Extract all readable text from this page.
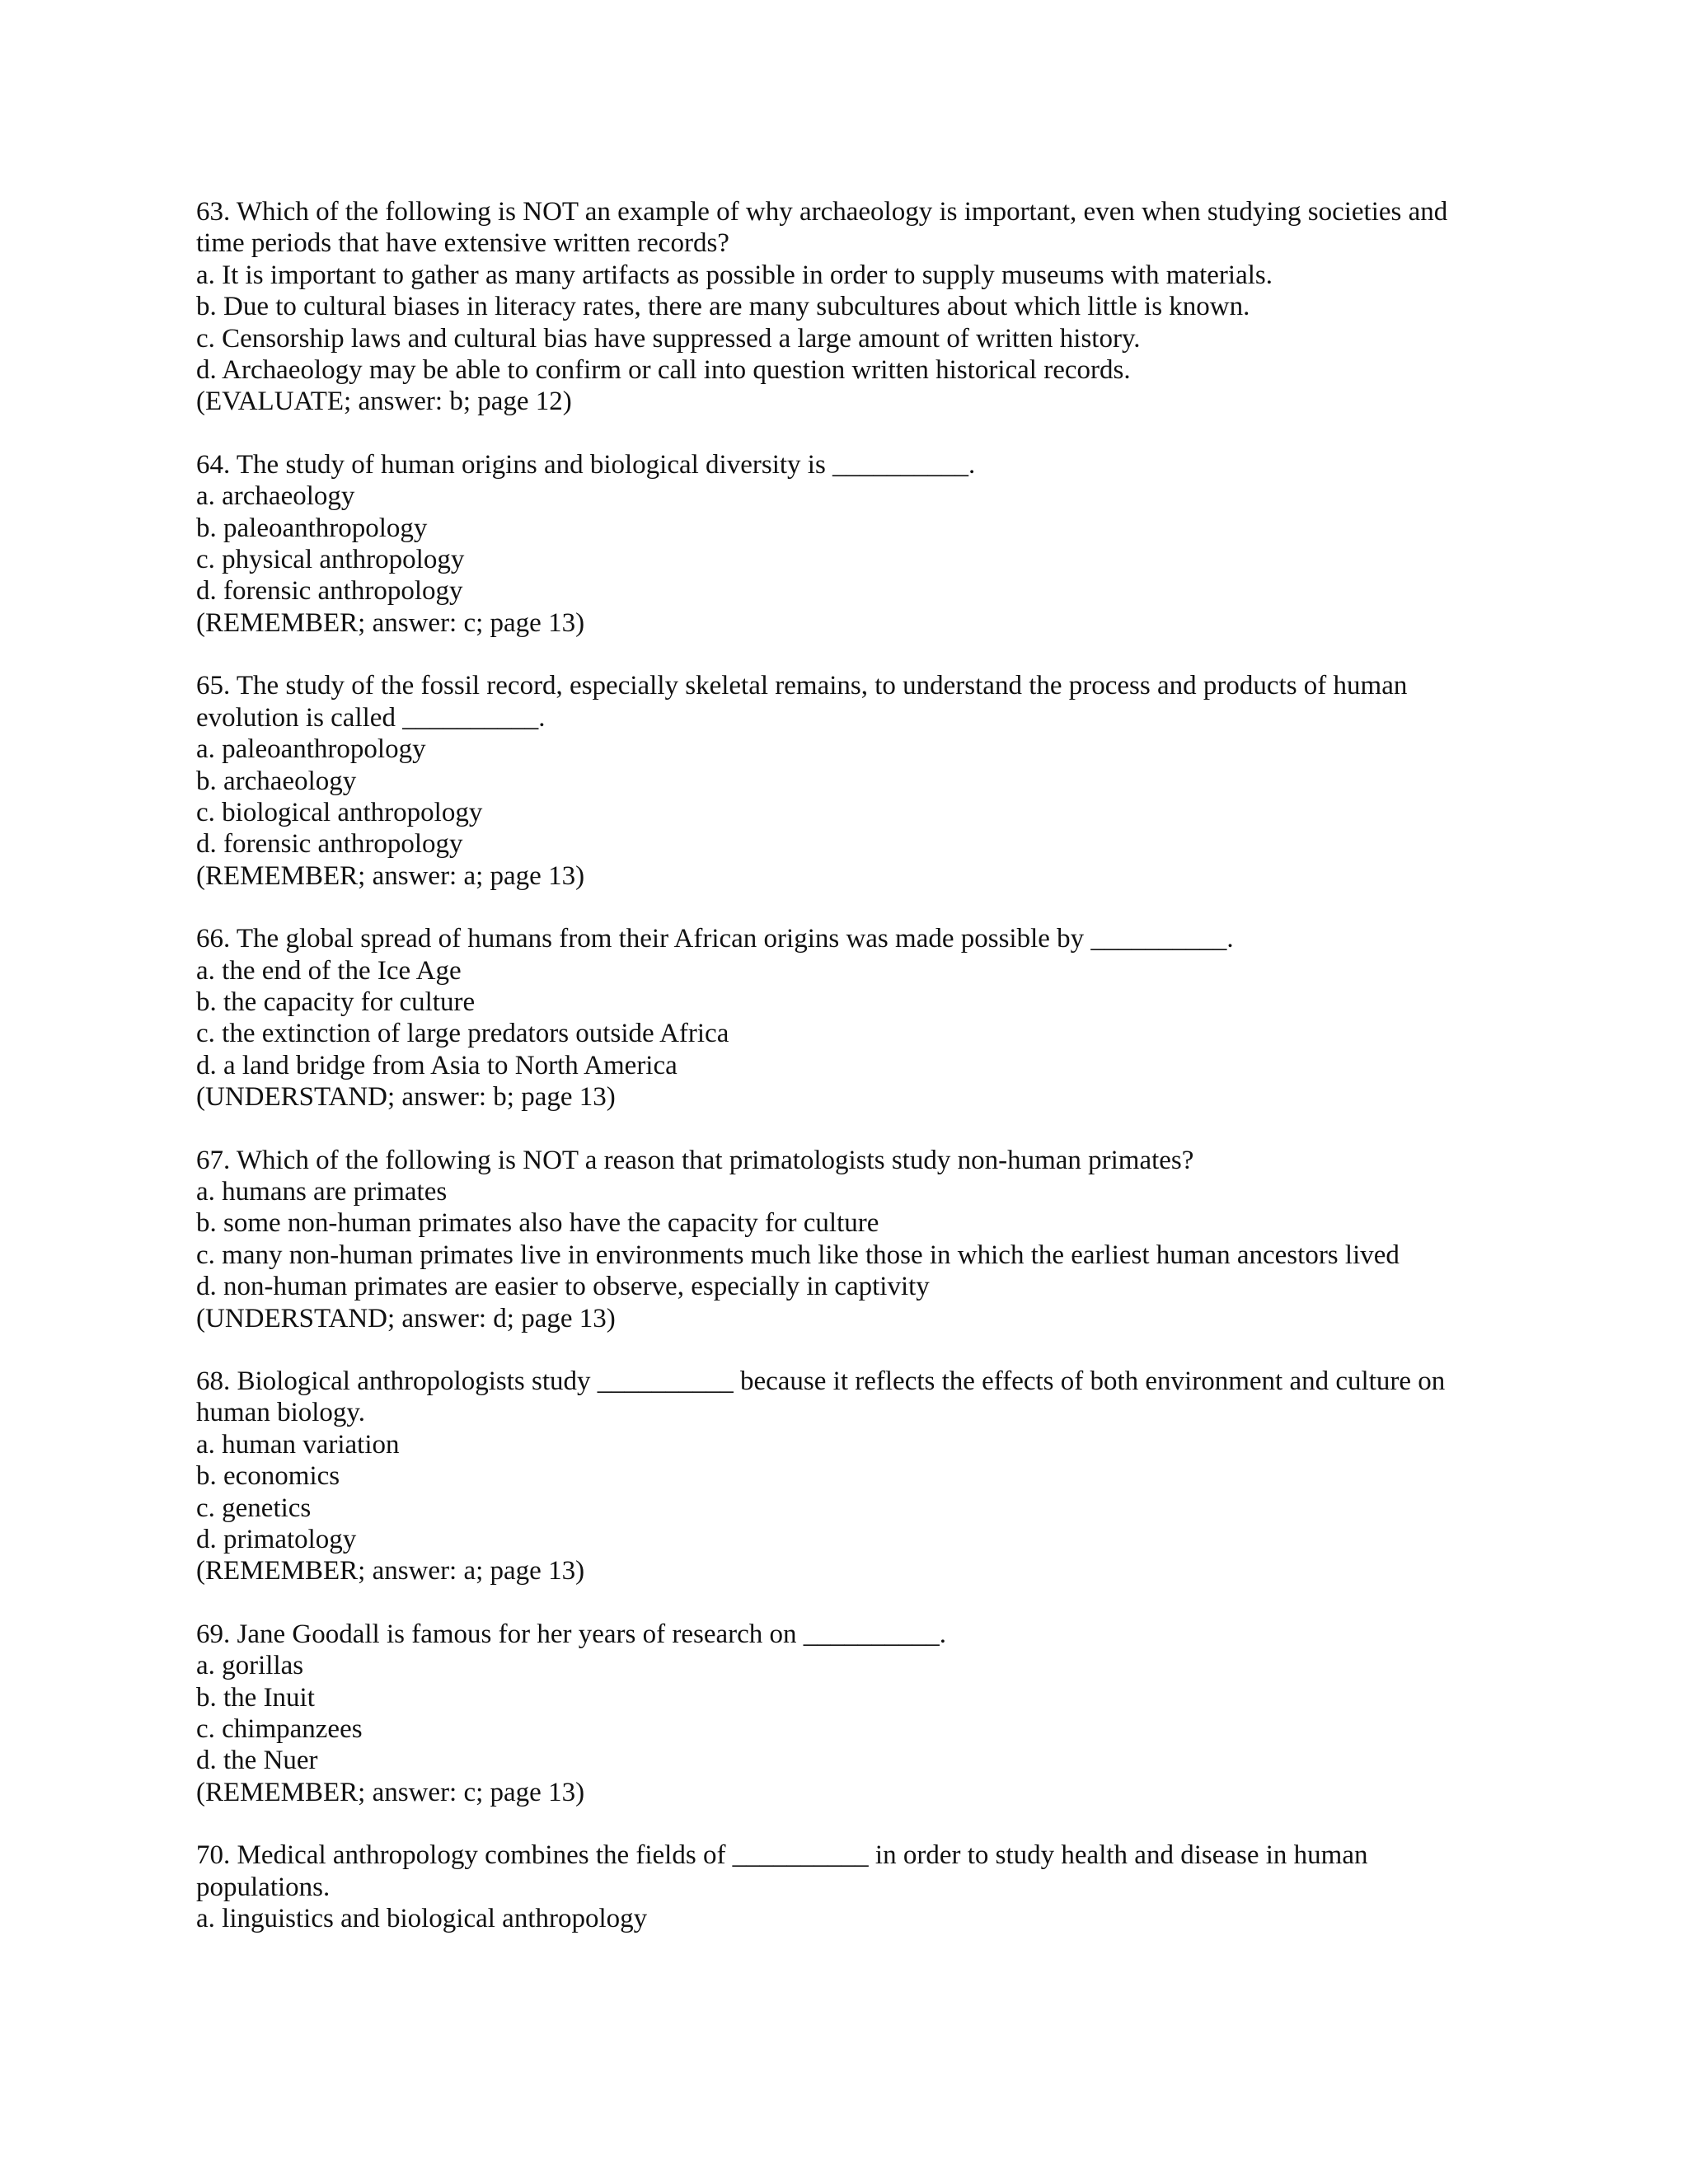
63. Which of the following is NOT an example of why archaeology is important, even when studying societies and time periods that have extensive written records?
a. It is important to gather as many artifacts as possible in order to supply museums with materials.
b. Due to cultural biases in literacy rates, there are many subcultures about which little is known.
c. Censorship laws and cultural bias have suppressed a large amount of written history.
d. Archaeology may be able to confirm or call into question written historical records.
(EVALUATE; answer: b; page 12)
64. The study of human origins and biological diversity is __________.
a. archaeology
b. paleoanthropology
c. physical anthropology
d. forensic anthropology
(REMEMBER; answer: c; page 13)
65. The study of the fossil record, especially skeletal remains, to understand the process and products of human evolution is called __________.
a. paleoanthropology
b. archaeology
c. biological anthropology
d. forensic anthropology
(REMEMBER; answer: a; page 13)
66. The global spread of humans from their African origins was made possible by __________.
a. the end of the Ice Age
b. the capacity for culture
c. the extinction of large predators outside Africa
d. a land bridge from Asia to North America
(UNDERSTAND; answer: b; page 13)
67. Which of the following is NOT a reason that primatologists study non-human primates?
a. humans are primates
b. some non-human primates also have the capacity for culture
c. many non-human primates live in environments much like those in which the earliest human ancestors lived
d. non-human primates are easier to observe, especially in captivity
(UNDERSTAND; answer: d; page 13)
68. Biological anthropologists study __________ because it reflects the effects of both environment and culture on human biology.
a. human variation
b. economics
c. genetics
d. primatology
(REMEMBER; answer: a; page 13)
69. Jane Goodall is famous for her years of research on __________.
a. gorillas
b. the Inuit
c. chimpanzees
d. the Nuer
(REMEMBER; answer: c; page 13)
70. Medical anthropology combines the fields of __________ in order to study health and disease in human populations.
a. linguistics and biological anthropology
